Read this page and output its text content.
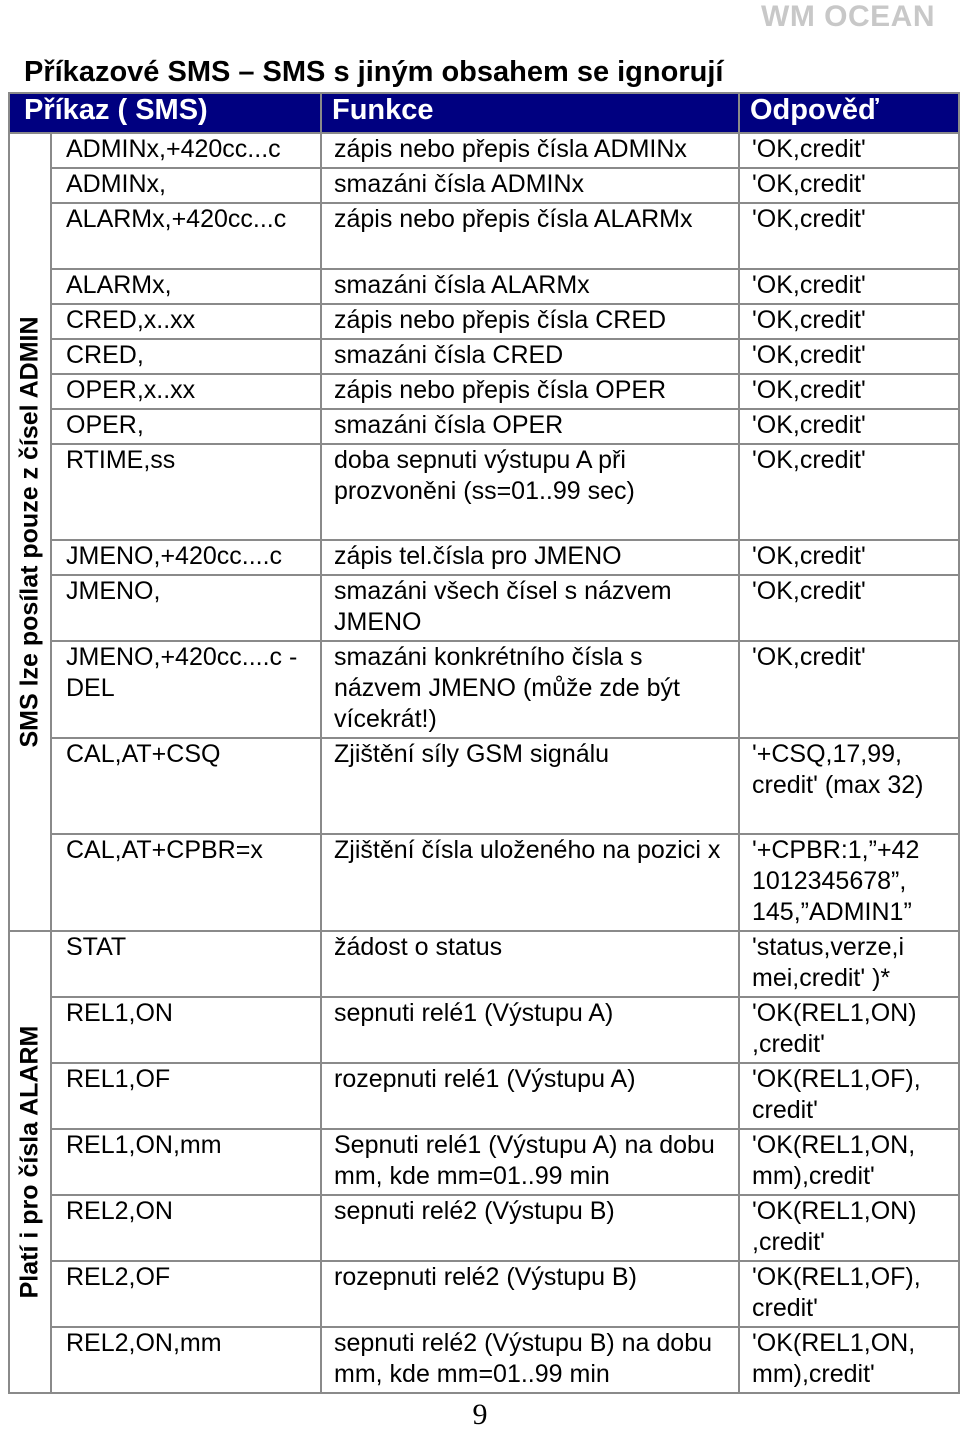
WM OCEAN
Příkazové SMS – SMS s jiným obsahem se ignorují
Příkaz ( SMS)		Funkce	Odpověď

SMS lze posílat pouze z čísel ADMIN	ADMINx,+420cc...c	zápis nebo přepis čísla ADMINx	'OK,credit'
	ADMINx,	smazáni čísla ADMINx	'OK,credit'
	ALARMx,+420cc...c	zápis nebo přepis čísla ALARMx	'OK,credit'
	ALARMx,	smazáni čísla ALARMx	'OK,credit'
	CRED,x..xx	zápis nebo přepis čísla CRED	'OK,credit'
	CRED,	smazáni čísla CRED	'OK,credit'
	OPER,x..xx	zápis nebo přepis čísla OPER	'OK,credit'
	OPER,	smazáni čísla OPER	'OK,credit'
	RTIME,ss	doba sepnuti výstupu A při prozvoněni (ss=01..99 sec)	'OK,credit'
	JMENO,+420cc....c	zápis tel.čísla pro JMENO	'OK,credit'
	JMENO,	smazáni všech čísel s názvem JMENO	'OK,credit'
	JMENO,+420cc....c -DEL	smazáni konkrétního čísla s názvem JMENO (může zde být vícekrát!)	'OK,credit'
	CAL,AT+CSQ	Zjištění síly GSM signálu	'+CSQ,17,99, credit' (max 32)
	CAL,AT+CPBR=x	Zjištění čísla uloženého na pozici x	'+CPBR:1,”+42 1012345678”, 145,”ADMIN1”

Platí i pro čísla ALARM	STAT	žádost o status	'status,verze,i mei,credit' )*
	REL1,ON	sepnuti relé1 (Výstupu A)	'OK(REL1,ON) ,credit'
	REL1,OF	rozepnuti relé1 (Výstupu A)	'OK(REL1,OF), credit'
	REL1,ON,mm	Sepnuti relé1 (Výstupu A) na dobu mm, kde mm=01..99 min	'OK(REL1,ON, mm),credit'
	REL2,ON	sepnuti relé2 (Výstupu B)	'OK(REL1,ON) ,credit'
	REL2,OF	rozepnuti relé2 (Výstupu B)	'OK(REL1,OF), credit'
	REL2,ON,mm	sepnuti relé2 (Výstupu B) na dobu mm, kde mm=01..99 min	'OK(REL1,ON, mm),credit'
9
